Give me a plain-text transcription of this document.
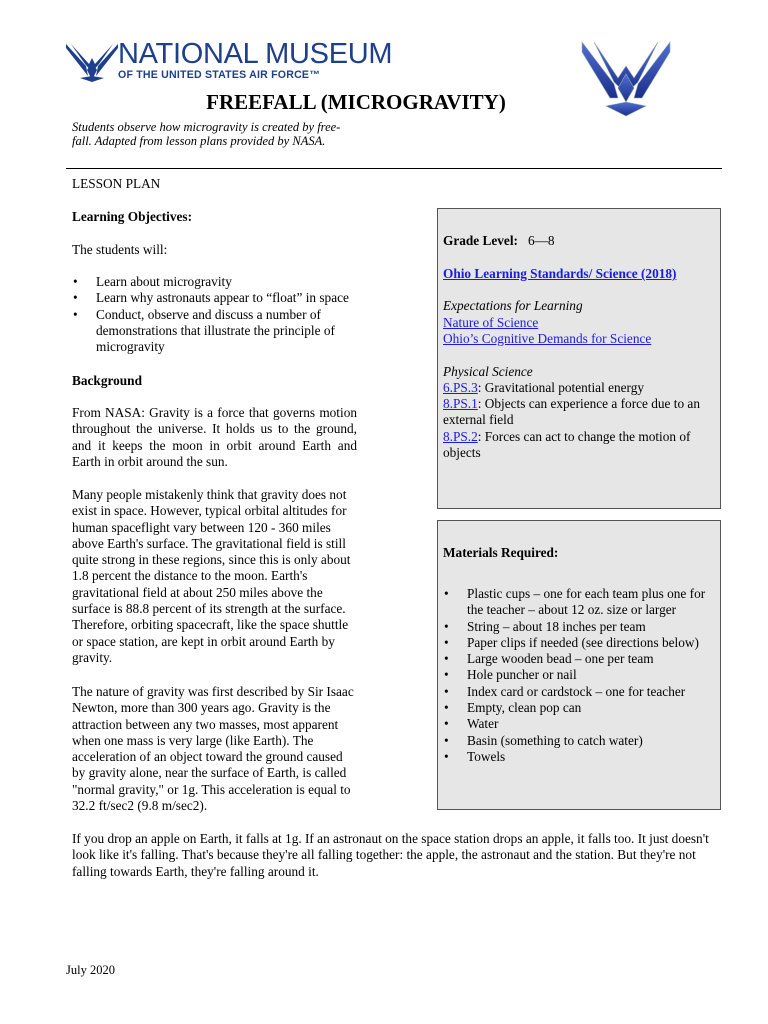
NATIONAL MUSEUM
OF THE UNITED STATES AIR FORCE™
FREEFALL (MICROGRAVITY)
Students observe how microgravity is created by free-fall. Adapted from lesson plans provided by NASA.
LESSON PLAN
Learning Objectives:
The students will:
• Learn about microgravity
• Learn why astronauts appear to “float” in space
• Conduct, observe and discuss a number of demonstrations that illustrate the principle of microgravity
Background
From NASA: Gravity is a force that governs motion throughout the universe. It holds us to the ground, and it keeps the moon in orbit around Earth and Earth in orbit around the sun.
Many people mistakenly think that gravity does not exist in space. However, typical orbital altitudes for human spaceflight vary between 120 - 360 miles above Earth's surface. The gravitational field is still quite strong in these regions, since this is only about 1.8 percent the distance to the moon. Earth's gravitational field at about 250 miles above the surface is 88.8 percent of its strength at the surface. Therefore, orbiting spacecraft, like the space shuttle or space station, are kept in orbit around Earth by gravity.
The nature of gravity was first described by Sir Isaac Newton, more than 300 years ago. Gravity is the attraction between any two masses, most apparent when one mass is very large (like Earth). The acceleration of an object toward the ground caused by gravity alone, near the surface of Earth, is called "normal gravity," or 1g. This acceleration is equal to 32.2 ft/sec2 (9.8 m/sec2).
If you drop an apple on Earth, it falls at 1g. If an astronaut on the space station drops an apple, it falls too. It just doesn't look like it's falling. That's because they're all falling together: the apple, the astronaut and the station. But they're not falling towards Earth, they're falling around it.
Grade Level: 6—8
Ohio Learning Standards/ Science (2018)
Expectations for Learning
Nature of Science
Ohio’s Cognitive Demands for Science
Physical Science
6.PS.3: Gravitational potential energy
8.PS.1: Objects can experience a force due to an external field
8.PS.2: Forces can act to change the motion of objects
Materials Required:
• Plastic cups – one for each team plus one for the teacher – about 12 oz. size or larger
• String – about 18 inches per team
• Paper clips if needed (see directions below)
• Large wooden bead – one per team
• Hole puncher or nail
• Index card or cardstock – one for teacher
• Empty, clean pop can
• Water
• Basin (something to catch water)
• Towels
July 2020
